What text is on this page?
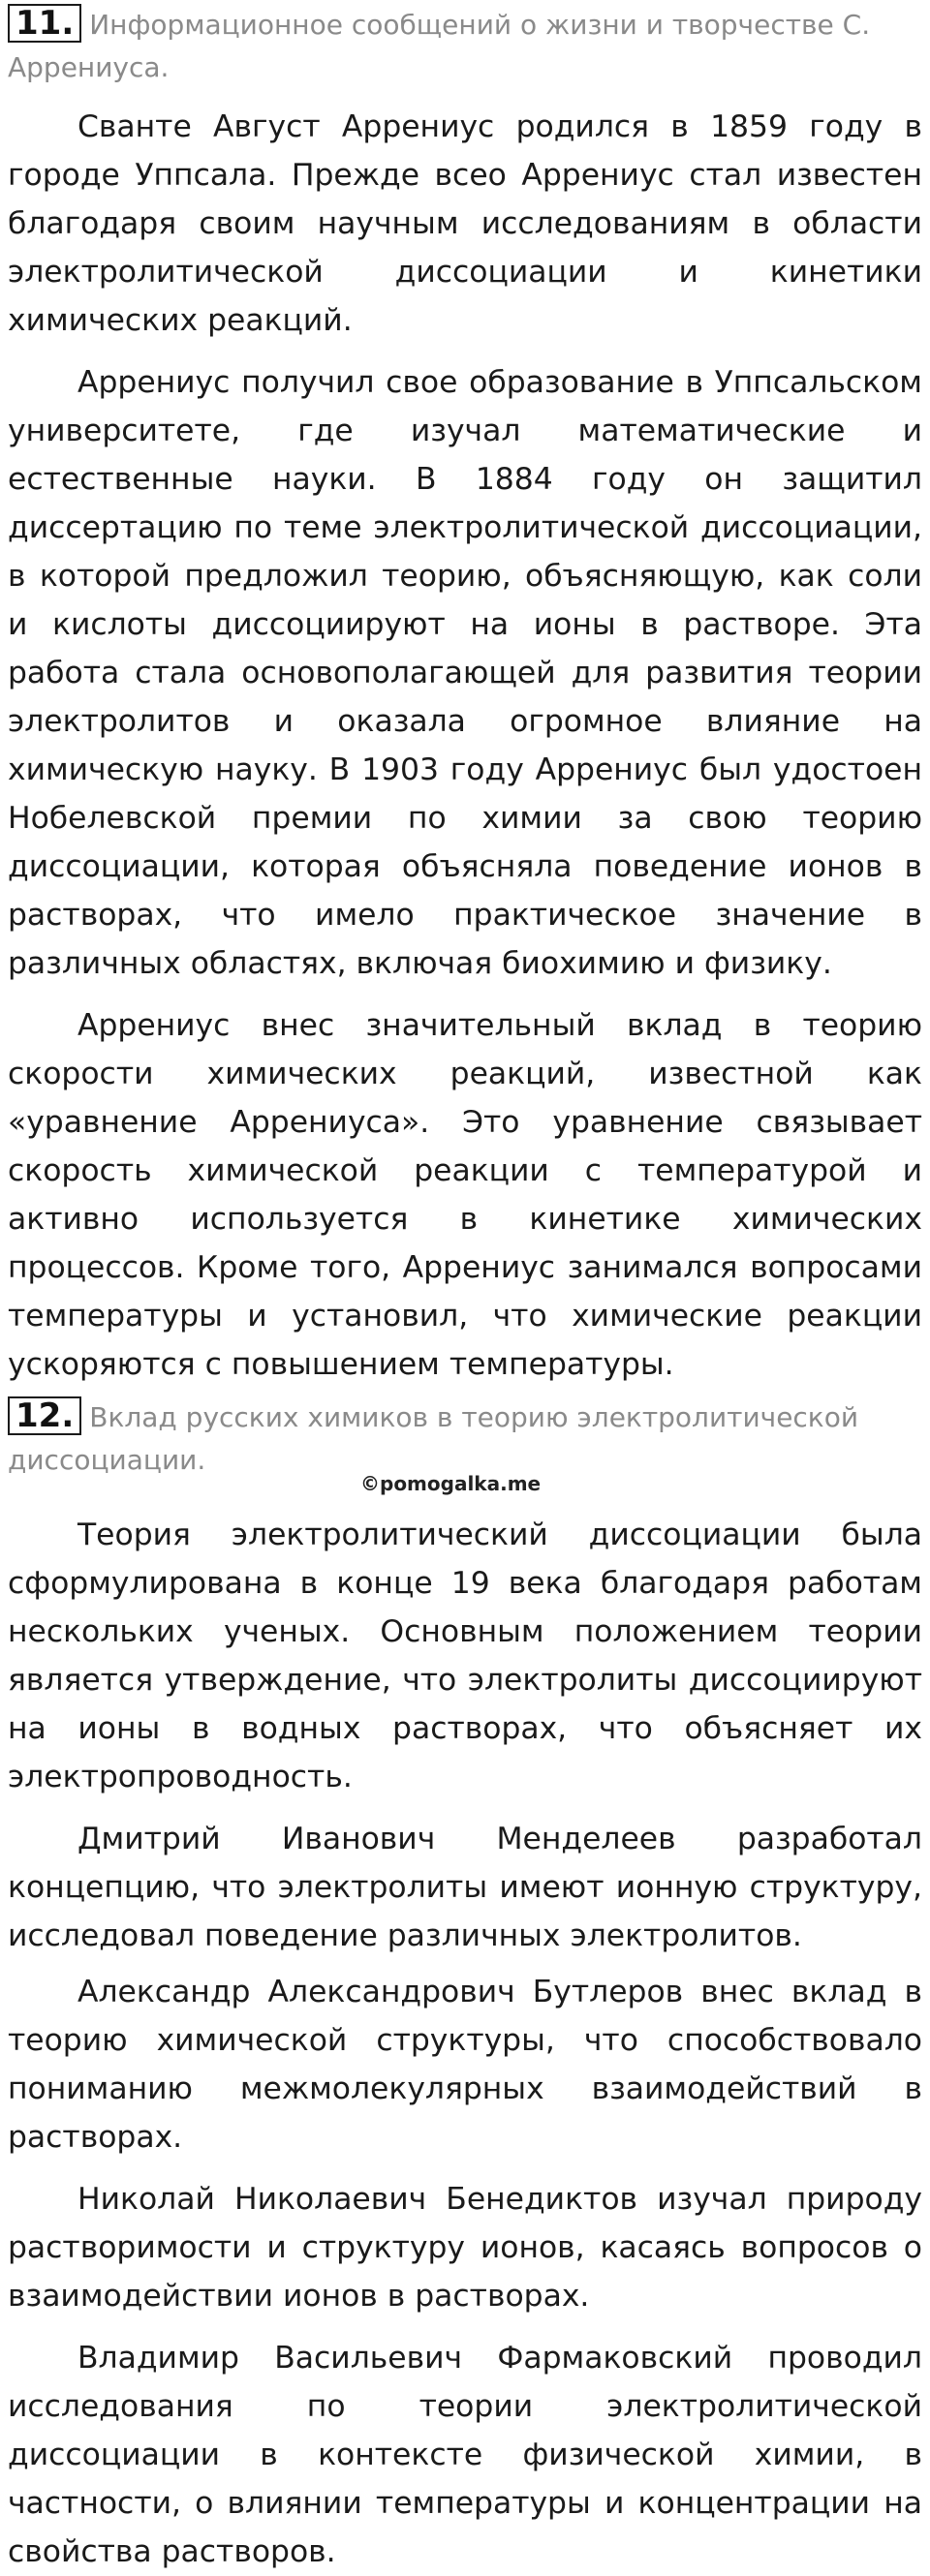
11. Информационное сообщений о жизни и творчестве С. Аррениуса.

Сванте Август Аррениус родился в 1859 году в городе Уппсала. Прежде всео Аррениус стал известен благодаря своим научным исследованиям в области электролитической диссоциации и кинетики химических реакций.

Аррениус получил свое образование в Уппсальском университете, где изучал математические и естественные науки. В 1884 году он защитил диссертацию по теме электролитической диссоциации, в которой предложил теорию, объясняющую, как соли и кислоты диссоциируют на ионы в растворе. Эта работа стала основополагающей для развития теории электролитов и оказала огромное влияние на химическую науку. В 1903 году Аррениус был удостоен Нобелевской премии по химии за свою теорию диссоциации, которая объясняла поведение ионов в растворах, что имело практическое значение в различных областях, включая биохимию и физику.

Аррениус внес значительный вклад в теорию скорости химических реакций, известной как «уравнение Аррениуса». Это уравнение связывает скорость химической реакции с температурой и активно используется в кинетике химических процессов. Кроме того, Аррениус занимался вопросами температуры и установил, что химические реакции ускоряются с повышением температуры.

12. Вклад русских химиков в теорию электролитической диссоциации.

Теория электролитический диссоциации была сформулирована в конце 19 века благодаря работам нескольких ученых. Основным положением теории является утверждение, что электролиты диссоциируют на ионы в водных растворах, что объясняет их электропроводность.

Дмитрий Иванович Менделеев разработал концепцию, что электролиты имеют ионную структуру, исследовал поведение различных электролитов.

Александр Александрович Бутлеров внес вклад в теорию химической структуры, что способствовало пониманию межмолекулярных взаимодействий в растворах.

Николай Николаевич Бенедиктов изучал природу растворимости и структуру ионов, касаясь вопросов о взаимодействии ионов в растворах.

Владимир Васильевич Фармаковский проводил исследования по теории электролитической диссоциации в контексте физической химии, в частности, о влиянии температуры и концентрации на свойства растворов.

©pomogalka.me
